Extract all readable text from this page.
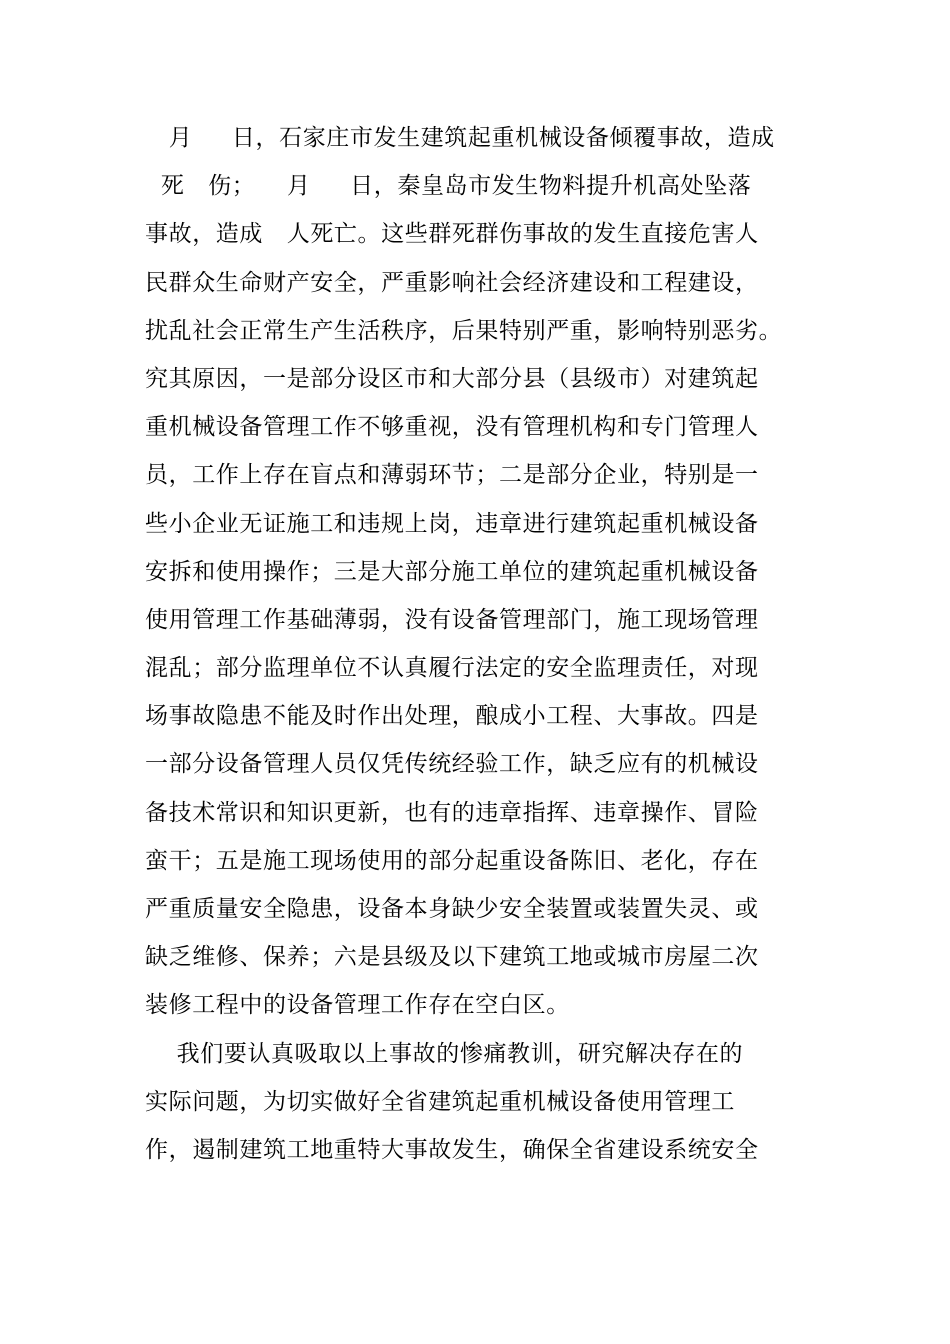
月     日，石家庄市发生建筑起重机械设备倾覆事故，造成
死   伤；    月     日，秦皇岛市发生物料提升机高处坠落
事故，造成   人死亡。这些群死群伤事故的发生直接危害人
民群众生命财产安全，严重影响社会经济建设和工程建设，
扰乱社会正常生产生活秩序，后果特别严重，影响特别恶劣。
究其原因，一是部分设区市和大部分县（县级市）对建筑起
重机械设备管理工作不够重视，没有管理机构和专门管理人
员，工作上存在盲点和薄弱环节；二是部分企业，特别是一
些小企业无证施工和违规上岗，违章进行建筑起重机械设备
安拆和使用操作；三是大部分施工单位的建筑起重机械设备
使用管理工作基础薄弱，没有设备管理部门，施工现场管理
混乱；部分监理单位不认真履行法定的安全监理责任，对现
场事故隐患不能及时作出处理，酿成小工程、大事故。四是
一部分设备管理人员仅凭传统经验工作，缺乏应有的机械设
备技术常识和知识更新，也有的违章指挥、违章操作、冒险
蛮干；五是施工现场使用的部分起重设备陈旧、老化，存在
严重质量安全隐患，设备本身缺少安全装置或装置失灵、或
缺乏维修、保养；六是县级及以下建筑工地或城市房屋二次
装修工程中的设备管理工作存在空白区。
我们要认真吸取以上事故的惨痛教训，研究解决存在的
实际问题，为切实做好全省建筑起重机械设备使用管理工
作，遏制建筑工地重特大事故发生，确保全省建设系统安全
